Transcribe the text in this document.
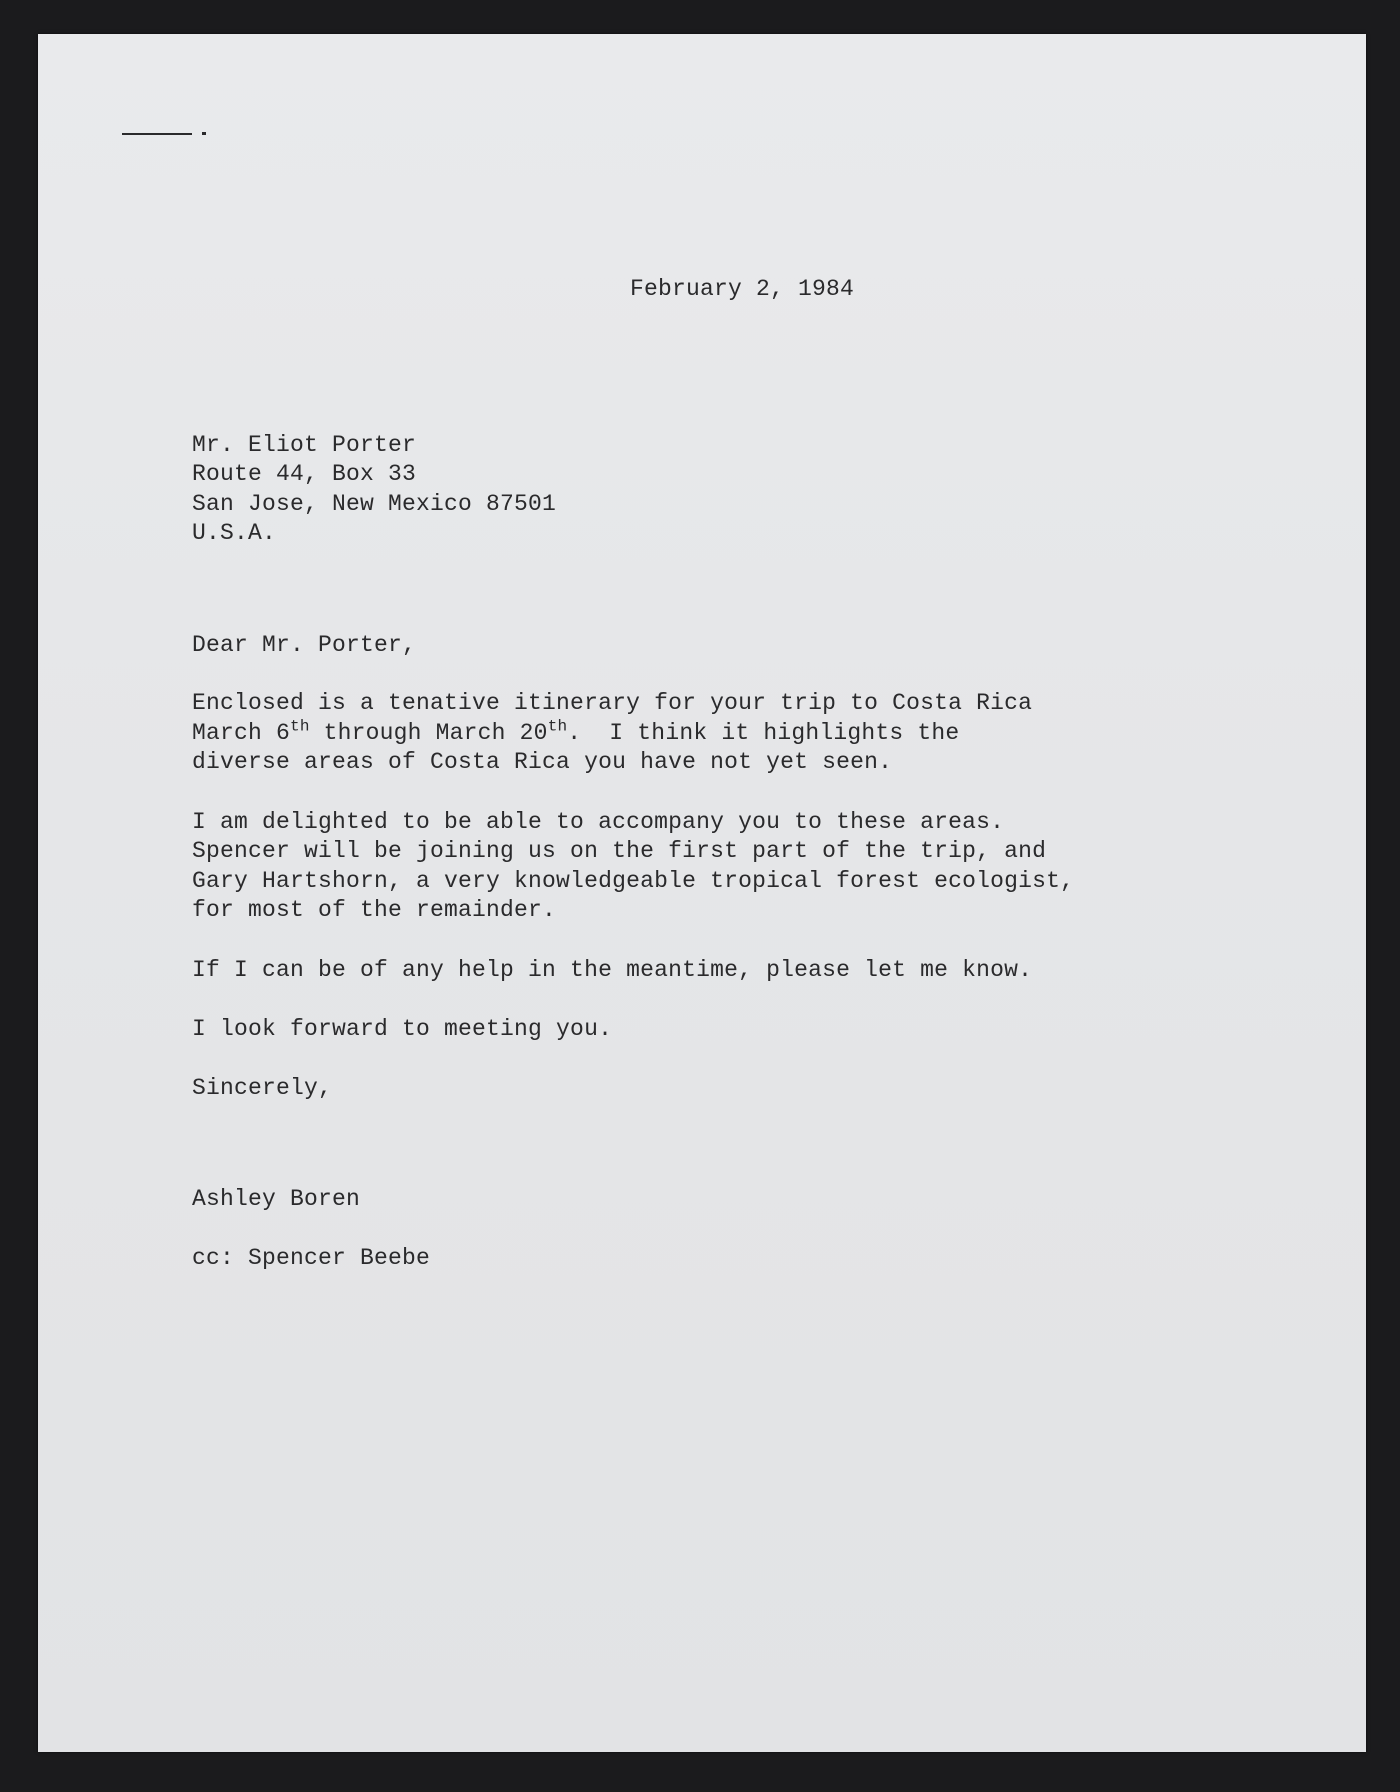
February 2, 1984
Mr. Eliot Porter
Route 44, Box 33
San Jose, New Mexico 87501
U.S.A.
Dear Mr. Porter,
Enclosed is a tenative itinerary for your trip to Costa Rica
March 6th through March 20th.  I think it highlights the
diverse areas of Costa Rica you have not yet seen.
I am delighted to be able to accompany you to these areas.
Spencer will be joining us on the first part of the trip, and
Gary Hartshorn, a very knowledgeable tropical forest ecologist,
for most of the remainder.
If I can be of any help in the meantime, please let me know.
I look forward to meeting you.
Sincerely,
Ashley Boren
cc: Spencer Beebe
